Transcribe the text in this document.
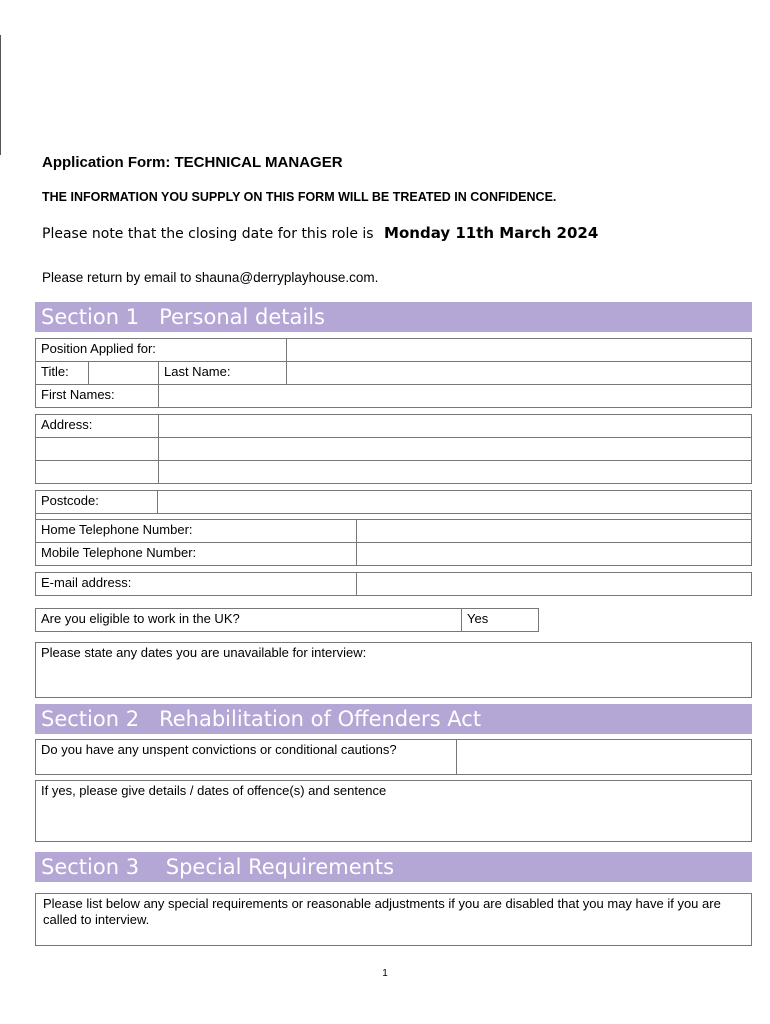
Application Form: TECHNICAL MANAGER
THE INFORMATION YOU SUPPLY ON THIS FORM WILL BE TREATED IN CONFIDENCE.
Please note that the closing date for this role is Monday 11th March 2024
Please return by email to shauna@derryplayhouse.com.
Section 1   Personal details
Position Applied for:
Title:	Last Name:
First Names:
Address:
Postcode:
Home Telephone Number:
Mobile Telephone Number:
E-mail address:
Are you eligible to work in the UK?	Yes
Please state any dates you are unavailable for interview:
Section 2   Rehabilitation of Offenders Act
Do you have any unspent convictions or conditional cautions?
If yes, please give details / dates of offence(s) and sentence
Section 3    Special Requirements
Please list below any special requirements or reasonable adjustments if you are disabled that you may have if you are called to interview.
1
